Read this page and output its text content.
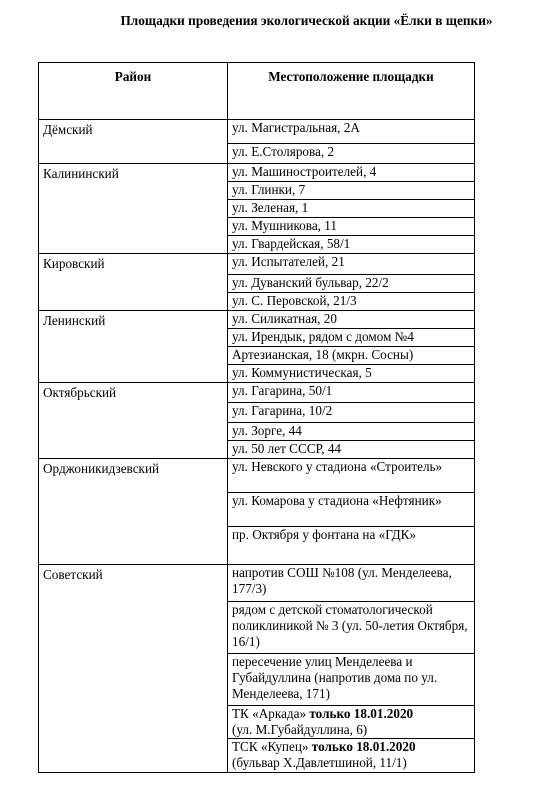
Площадки проведения экологической акции «Ёлки в щепки»
Район	Местоположение площадки
Дёмский	ул. Магистральная, 2А
	ул. Е.Столярова, 2
Калининский	ул. Машиностроителей, 4
	ул. Глинки, 7
	ул. Зеленая, 1
	ул. Мушникова, 11
	ул. Гвардейская, 58/1
Кировский	ул. Испытателей, 21
	ул. Дуванский бульвар, 22/2
	ул. С. Перовской, 21/3
Ленинский	ул. Силикатная, 20
	ул. Ирендык, рядом с домом №4
	Артезианская, 18 (мкрн. Сосны)
	ул. Коммунистическая, 5
Октябрьский	ул. Гагарина, 50/1
	ул. Гагарина, 10/2
	ул. Зорге, 44
	ул. 50 лет СССР, 44
Орджоникидзевский	ул. Невского у стадиона «Строитель»
	ул. Комарова у стадиона «Нефтяник»
	пр. Октября у фонтана на «ГДК»
Советский	напротив СОШ №108 (ул. Менделеева, 177/3)
	рядом с детской стоматологической поликлиникой № 3 (ул. 50-летия Октября, 16/1)
	пересечение улиц Менделеева и Губайдуллина (напротив дома по ул. Менделеева, 171)
	ТК «Аркада» только 18.01.2020
(ул. М.Губайдуллина, 6)
	ТСК «Купец» только 18.01.2020
(бульвар Х.Давлетшиной, 11/1)
